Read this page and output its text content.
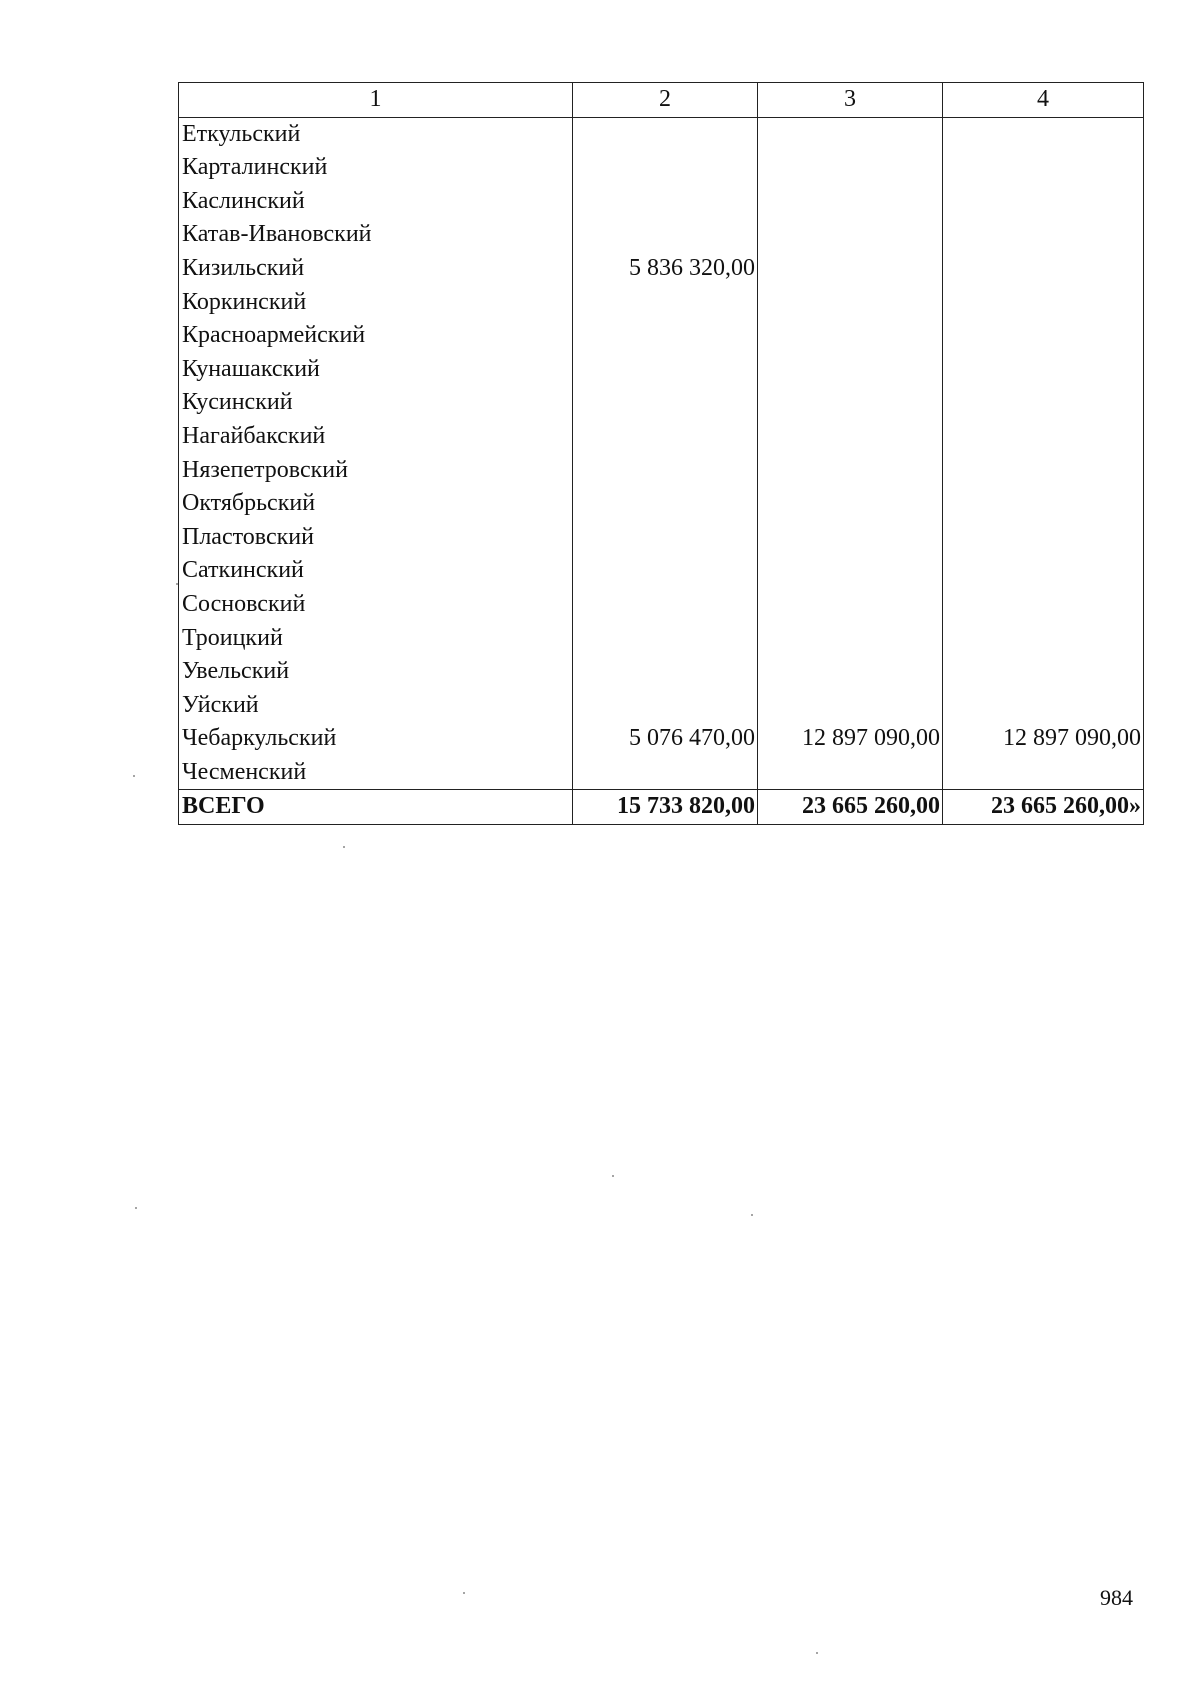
1	2	3	4
Еткульский			
Карталинский			
Каслинский			
Катав-Ивановский			
Кизильский	5 836 320,00		
Коркинский			
Красноармейский			
Кунашакский			
Кусинский			
Нагайбакский			
Нязепетровский			
Октябрьский			
Пластовский			
Саткинский			
Сосновский			
Троицкий			
Увельский			
Уйский			
Чебаркульский	5 076 470,00	12 897 090,00	12 897 090,00
Чесменский			
ВСЕГО	15 733 820,00	23 665 260,00	23 665 260,00»
984
